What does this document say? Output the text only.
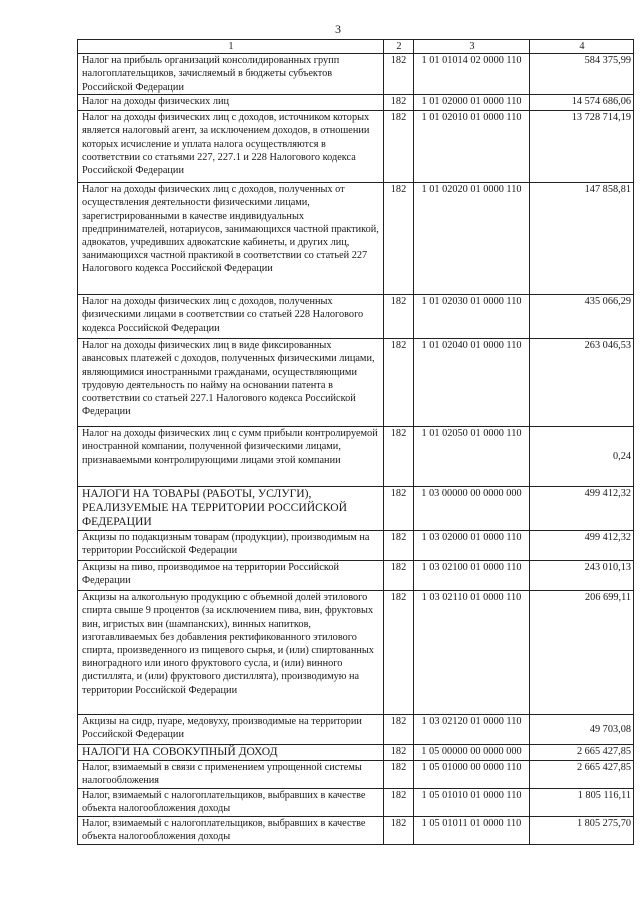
3
1	2	3	4
Налог на прибыль организаций консолидированных групп налогоплательщиков, зачисляемый в бюджеты субъектов Российской Федерации	182	1 01 01014 02 0000 110	584 375,99
Налог на доходы физических лиц	182	1 01 02000 01 0000 110	14 574 686,06
Налог на доходы физических лиц с доходов, источником которых является налоговый агент, за исключением доходов, в отношении которых исчисление и уплата налога осуществляются в соответствии со статьями 227, 227.1 и 228 Налогового кодекса Российской Федерации	182	1 01 02010 01 0000 110	13 728 714,19
Налог на доходы физических лиц с доходов, полученных от осуществления деятельности физическими лицами, зарегистрированными в качестве индивидуальных предпринимателей, нотариусов, занимающихся частной практикой, адвокатов, учредивших адвокатские кабинеты, и других лиц, занимающихся частной практикой в соответствии со статьей 227 Налогового кодекса Российской Федерации	182	1 01 02020 01 0000 110	147 858,81
Налог на доходы физических лиц с доходов, полученных физическими лицами в соответствии со статьей 228 Налогового кодекса Российской Федерации	182	1 01 02030 01 0000 110	435 066,29
Налог на доходы физических лиц в виде фиксированных авансовых платежей с доходов, полученных физическими лицами, являющимися иностранными гражданами, осуществляющими трудовую деятельность по найму на основании патента в соответствии со статьей 227.1 Налогового кодекса Российской Федерации	182	1 01 02040 01 0000 110	263 046,53
Налог на доходы физических лиц с сумм прибыли контролируемой иностранной компании, полученной физическими лицами, признаваемыми контролирующими лицами этой компании	182	1 01 02050 01 0000 110	0,24
НАЛОГИ НА ТОВАРЫ (РАБОТЫ, УСЛУГИ), РЕАЛИЗУЕМЫЕ НА ТЕРРИТОРИИ РОССИЙСКОЙ ФЕДЕРАЦИИ	182	1 03 00000 00 0000 000	499 412,32
Акцизы по подакцизным товарам (продукции), производимым на территории Российской Федерации	182	1 03 02000 01 0000 110	499 412,32
Акцизы на пиво, производимое на территории Российской Федерации	182	1 03 02100 01 0000 110	243 010,13
Акцизы на алкогольную продукцию с объемной долей этилового спирта свыше 9 процентов (за исключением пива, вин, фруктовых вин, игристых вин (шампанских), винных напитков, изготавливаемых без добавления ректификованного этилового спирта, произведенного из пищевого сырья, и (или) спиртованных виноградного или иного фруктового сусла, и (или) винного дистиллята, и (или) фруктового дистиллята), производимую на территории Российской Федерации	182	1 03 02110 01 0000 110	206 699,11
Акцизы на сидр, пуаре, медовуху, производимые на территории Российской Федерации	182	1 03 02120 01 0000 110	49 703,08
НАЛОГИ НА СОВОКУПНЫЙ ДОХОД	182	1 05 00000 00 0000 000	2 665 427,85
Налог, взимаемый в связи с применением упрощенной системы налогообложения	182	1 05 01000 00 0000 110	2 665 427,85
Налог, взимаемый с налогоплательщиков, выбравших в качестве объекта налогообложения доходы	182	1 05 01010 01 0000 110	1 805 116,11
Налог, взимаемый с налогоплательщиков, выбравших в качестве объекта налогообложения доходы	182	1 05 01011 01 0000 110	1 805 275,70
